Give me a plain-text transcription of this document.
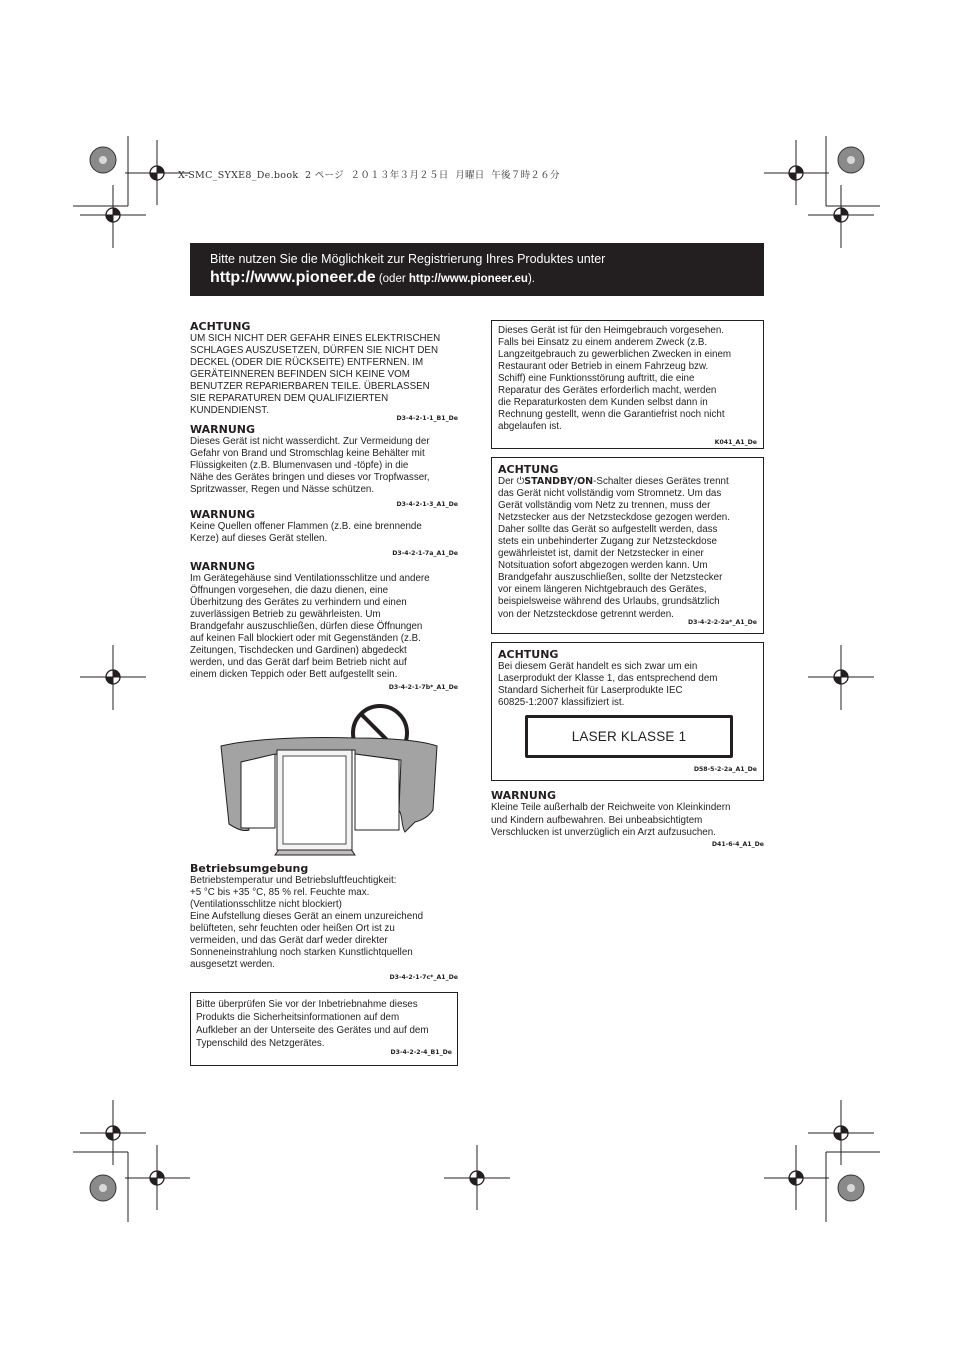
X-SMC_SYXE8_De.book  2 ページ  ２０１３年３月２５日  月曜日  午後７時２６分
Bitte nutzen Sie die Möglichkeit zur Registrierung Ihres Produktes unter
http://www.pioneer.de (oder http://www.pioneer.eu).

ACHTUNG

UM SICH NICHT DER GEFAHR EINES ELEKTRISCHEN

SCHLAGES AUSZUSETZEN, DÜRFEN SIE NICHT DEN

DECKEL (ODER DIE RÜCKSEITE) ENTFERNEN. IM

GERÄTEINNEREN BEFINDEN SICH KEINE VOM

BENUTZER REPARIERBAREN TEILE. ÜBERLASSEN

SIE REPARATUREN DEM QUALIFIZIERTEN

KUNDENDIENST.

D3-4-2-1-1_B1_De

WARNUNG

Dieses Gerät ist nicht wasserdicht. Zur Vermeidung der

Gefahr von Brand und Stromschlag keine Behälter mit

Flüssigkeiten (z.B. Blumenvasen und -töpfe) in die

Nähe des Gerätes bringen und dieses vor Tropfwasser,

Spritzwasser, Regen und Nässe schützen.

D3-4-2-1-3_A1_De

WARNUNG

Keine Quellen offener Flammen (z.B. eine brennende

Kerze) auf dieses Gerät stellen.

D3-4-2-1-7a_A1_De

WARNUNG

Im Gerätegehäuse sind Ventilationsschlitze und andere

Öffnungen vorgesehen, die dazu dienen, eine

Überhitzung des Gerätes zu verhindern und einen

zuverlässigen Betrieb zu gewährleisten. Um

Brandgefahr auszuschließen, dürfen diese Öffnungen

auf keinen Fall blockiert oder mit Gegenständen (z.B.

Zeitungen, Tischdecken und Gardinen) abgedeckt

werden, und das Gerät darf beim Betrieb nicht auf

einem dicken Teppich oder Bett aufgestellt sein.

D3-4-2-1-7b*_A1_De

Betriebsumgebung

Betriebstemperatur und Betriebsluftfeuchtigkeit:

+5 °C bis +35 °C, 85 % rel. Feuchte max.

(Ventilationsschlitze nicht blockiert)

Eine Aufstellung dieses Gerät an einem unzureichend

belüfteten, sehr feuchten oder heißen Ort ist zu

vermeiden, und das Gerät darf weder direkter

Sonneneinstrahlung noch starken Kunstlichtquellen

ausgesetzt werden.

D3-4-2-1-7c*_A1_De

Bitte überprüfen Sie vor der Inbetriebnahme dieses

Produkts die Sicherheitsinformationen auf dem

Aufkleber an der Unterseite des Gerätes und auf dem

Typenschild des Netzgerätes.

D3-4-2-2-4_B1_De

Dieses Gerät ist für den Heimgebrauch vorgesehen.

Falls bei Einsatz zu einem anderem Zweck (z.B.

Langzeitgebrauch zu gewerblichen Zwecken in einem

Restaurant oder Betrieb in einem Fahrzeug bzw.

Schiff) eine Funktionsstörung auftritt, die eine

Reparatur des Gerätes erforderlich macht, werden

die Reparaturkosten dem Kunden selbst dann in

Rechnung gestellt, wenn die Garantiefrist noch nicht

abgelaufen ist.

K041_A1_De

ACHTUNG

Der ⏻STANDBY/ON-Schalter dieses Gerätes trennt

das Gerät nicht vollständig vom Stromnetz. Um das

Gerät vollständig vom Netz zu trennen, muss der

Netzstecker aus der Netzsteckdose gezogen werden.

Daher sollte das Gerät so aufgestellt werden, dass

stets ein unbehinderter Zugang zur Netzsteckdose

gewährleistet ist, damit der Netzstecker in einer

Notsituation sofort abgezogen werden kann. Um

Brandgefahr auszuschließen, sollte der Netzstecker

vor einem längeren Nichtgebrauch des Gerätes,

beispielsweise während des Urlaubs, grundsätzlich

von der Netzsteckdose getrennt werden.

D3-4-2-2-2a*_A1_De

ACHTUNG

Bei diesem Gerät handelt es sich zwar um ein

Laserprodukt der Klasse 1, das entsprechend dem

Standard Sicherheit für Laserprodukte IEC

60825-1:2007 klassifiziert ist.

LASER KLASSE 1
D58-5-2-2a_A1_De

WARNUNG

Kleine Teile außerhalb der Reichweite von Kleinkindern

und Kindern aufbewahren. Bei unbeabsichtigtem

Verschlucken ist unverzüglich ein Arzt aufzusuchen.

D41-6-4_A1_De
